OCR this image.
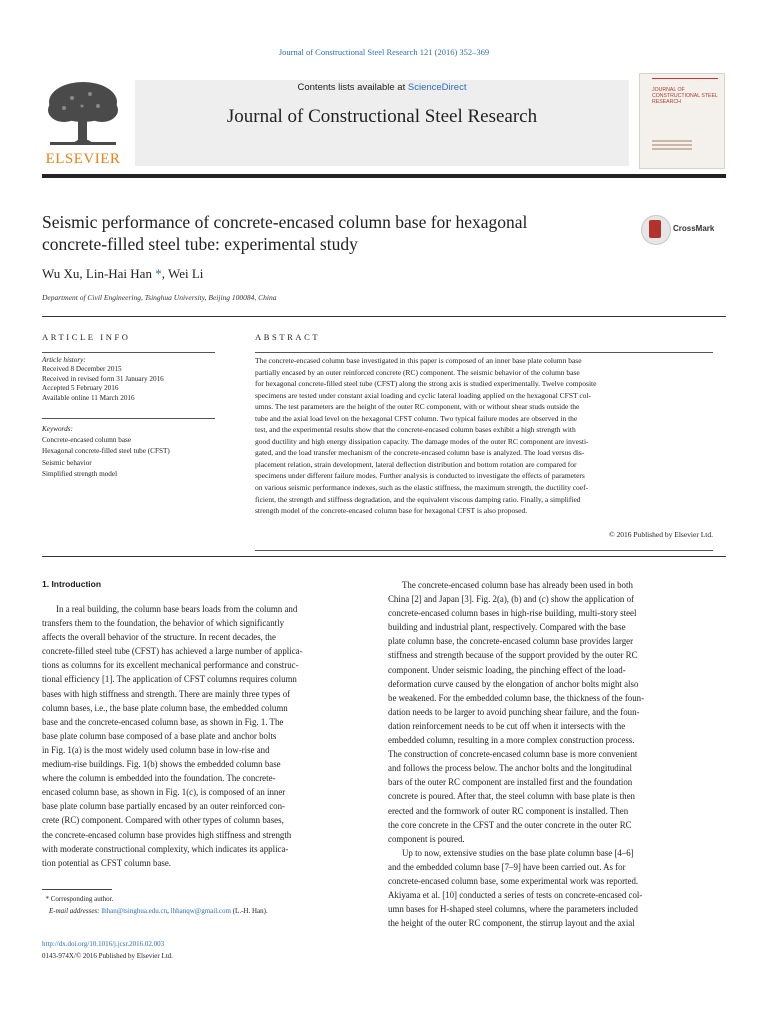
Journal of Constructional Steel Research 121 (2016) 352–369
ELSEVIER
Contents lists available at ScienceDirect
Journal of Constructional Steel Research
JOURNAL OF CONSTRUCTIONAL STEEL RESEARCH
Seismic performance of concrete-encased column base for hexagonal
concrete-filled steel tube: experimental study
CrossMark
Wu Xu, Lin-Hai Han *, Wei Li
Department of Civil Engineering, Tsinghua University, Beijing 100084, China
ARTICLE INFO	ABSTRACT
Article history:
Received 8 December 2015
Received in revised form 31 January 2016
Accepted 5 February 2016
Available online 11 March 2016
Keywords:
Concrete-encased column base
Hexagonal concrete-filled steel tube (CFST)
Seismic behavior
Simplified strength model
The concrete-encased column base investigated in this paper is composed of an inner base plate column base
partially encased by an outer reinforced concrete (RC) component. The seismic behavior of the column base
for hexagonal concrete-filled steel tube (CFST) along the strong axis is studied experimentally. Twelve composite
specimens are tested under constant axial loading and cyclic lateral loading applied on the hexagonal CFST col-
umns. The test parameters are the height of the outer RC component, with or without shear studs outside the
tube and the axial load level on the hexagonal CFST column. Two typical failure modes are observed in the
test, and the experimental results show that the concrete-encased column bases exhibit a high strength with
good ductility and high energy dissipation capacity. The damage modes of the outer RC component are investi-
gated, and the load transfer mechanism of the concrete-encased column base is analyzed. The load versus dis-
placement relation, strain development, lateral deflection distribution and bottom rotation are compared for
specimens under different failure modes. Further analysis is conducted to investigate the effects of parameters
on various seismic performance indexes, such as the elastic stiffness, the maximum strength, the ductility coef-
ficient, the strength and stiffness degradation, and the equivalent viscous damping ratio. Finally, a simplified
strength model of the concrete-encased column base for hexagonal CFST is also proposed.
© 2016 Published by Elsevier Ltd.
1. Introduction
In a real building, the column base bears loads from the column and
transfers them to the foundation, the behavior of which significantly
affects the overall behavior of the structure. In recent decades, the
concrete-filled steel tube (CFST) has achieved a large number of applica-
tions as columns for its excellent mechanical performance and construc-
tional efficiency [1]. The application of CFST columns requires column
bases with high stiffness and strength. There are mainly three types of
column bases, i.e., the base plate column base, the embedded column
base and the concrete-encased column base, as shown in Fig. 1. The
base plate column base composed of a base plate and anchor bolts
in Fig. 1(a) is the most widely used column base in low-rise and
medium-rise buildings. Fig. 1(b) shows the embedded column base
where the column is embedded into the foundation. The concrete-
encased column base, as shown in Fig. 1(c), is composed of an inner
base plate column base partially encased by an outer reinforced con-
crete (RC) component. Compared with other types of column bases,
the concrete-encased column base provides high stiffness and strength
with moderate constructional complexity, which indicates its applica-
tion potential as CFST column base.
The concrete-encased column base has already been used in both
China [2] and Japan [3]. Fig. 2(a), (b) and (c) show the application of
concrete-encased column bases in high-rise building, multi-story steel
building and industrial plant, respectively. Compared with the base
plate column base, the concrete-encased column base provides larger
stiffness and strength because of the support provided by the outer RC
component. Under seismic loading, the pinching effect of the load-
deformation curve caused by the elongation of anchor bolts might also
be weakened. For the embedded column base, the thickness of the foun-
dation needs to be larger to avoid punching shear failure, and the foun-
dation reinforcement needs to be cut off when it intersects with the
embedded column, resulting in a more complex construction process.
The construction of concrete-encased column base is more convenient
and follows the process below. The anchor bolts and the longitudinal
bars of the outer RC component are installed first and the foundation
concrete is poured. After that, the steel column with base plate is then
erected and the formwork of outer RC component is installed. Then
the core concrete in the CFST and the outer concrete in the outer RC
component is poured.
Up to now, extensive studies on the base plate column base [4–6]
and the embedded column base [7–9] have been carried out. As for
concrete-encased column base, some experimental work was reported.
Akiyama et al. [10] conducted a series of tests on concrete-encased col-
umn bases for H-shaped steel columns, where the parameters included
the height of the outer RC component, the stirrup layout and the axial
* Corresponding author.
E-mail addresses: lhhan@tsinghua.edu.cn, lhhanqw@gmail.com (L.-H. Han).
http://dx.doi.org/10.1016/j.jcsr.2016.02.003
0143-974X/© 2016 Published by Elsevier Ltd.
